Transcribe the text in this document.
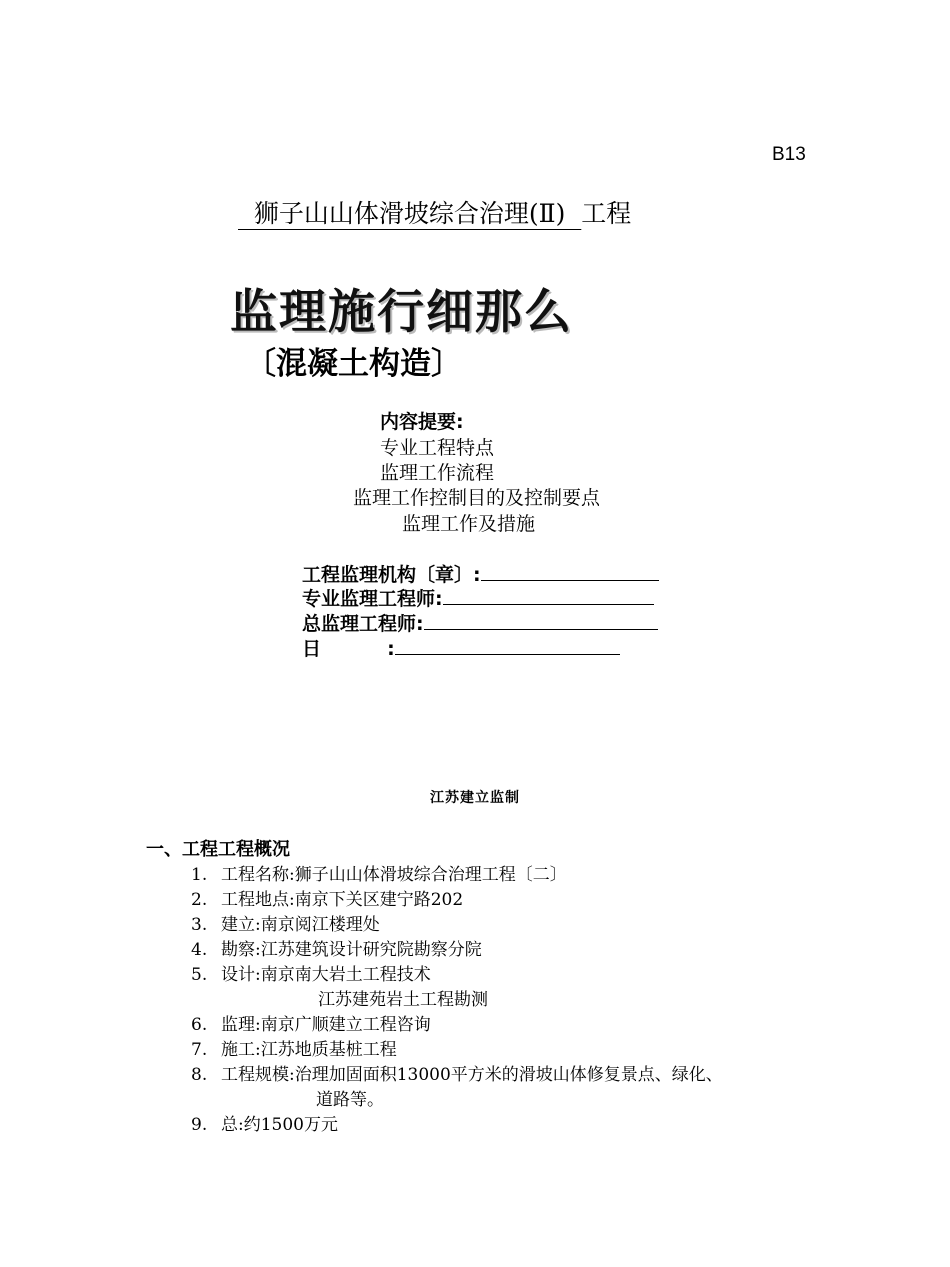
B13
狮子山山体滑坡综合治理(Ⅱ)  工程
监理施行细那么
〔混凝土构造〕
内容提要:
专业工程特点
监理工作流程
监理工作控制目的及控制要点
监理工作及措施
工程监理机构〔章〕:
专业监理工程师:
总监理工程师:
日          :
江苏建立监制
一、工程工程概况
1. 工程名称:狮子山山体滑坡综合治理工程〔二〕
2. 工程地点:南京下关区建宁路202
3. 建立:南京阅江楼理处
4. 勘察:江苏建筑设计研究院勘察分院
5. 设计:南京南大岩土工程技术
江苏建苑岩土工程勘测
6. 监理:南京广顺建立工程咨询
7. 施工:江苏地质基桩工程
8. 工程规模:治理加固面积13000平方米的滑坡山体修复景点、绿化、
道路等。
9. 总:约1500万元
